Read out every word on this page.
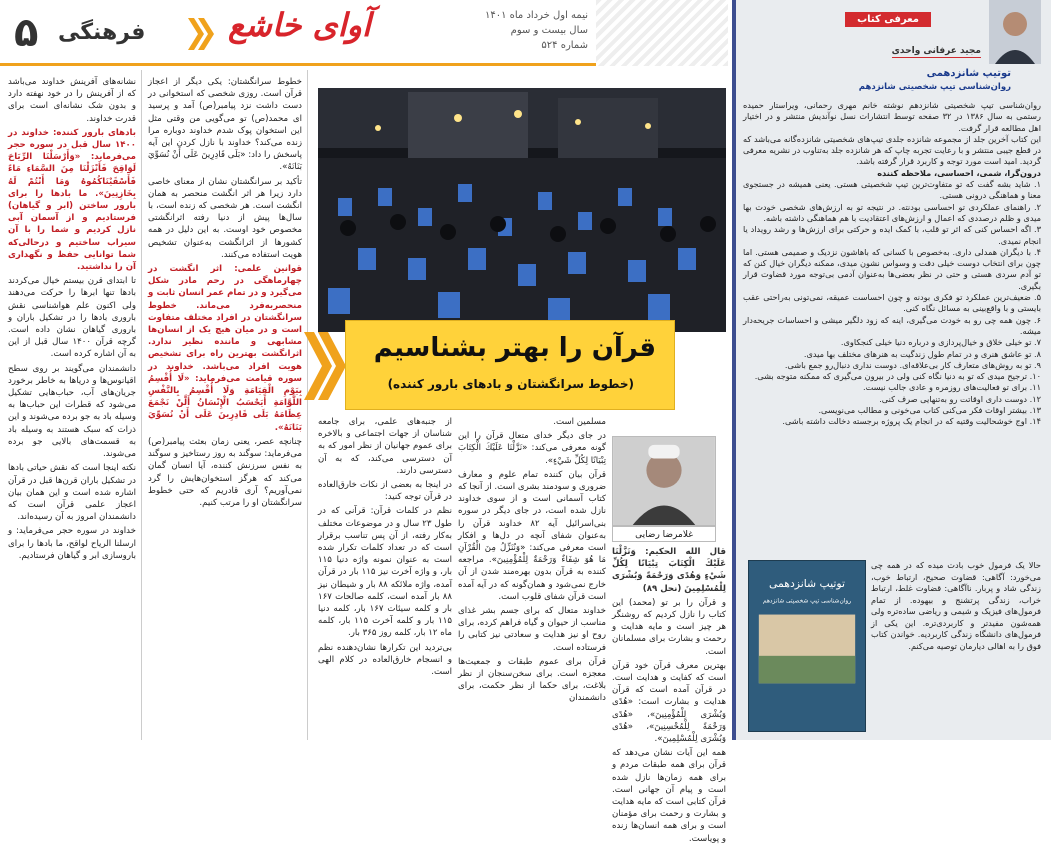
۵ فرهنگی	آوای خاشع	نیمه اول خرداد ماه ۱۴۰۱
سال بیست و سوم
شماره ۵۲۴

نشانه‌های آفرینش خداوند می‌باشد که از آفرینش را در خود نهفته دارد و بدون شک نشانه‌ای است برای قدرت خداوند.

بادهای بارور کننده: خداوند در ۱۴۰۰ سال قبل در سوره حجر می‌فرماید: «وَأَرْسَلْنَا الرِّيَاحَ لَوَاقِحَ فَأَنْزَلْنَا مِنَ السَّمَاءِ مَاءً فَأَسْقَيْنَاكُمُوهُ وَمَا أَنْتُمْ لَهُ بِخَازِنِينَ». ما بادها را برای بارور ساختن (ابر و گیاهان) فرستادیم و از آسمان آبی نازل کردیم و شما را با آن سیراب ساختیم و درحالی‌که شما توانایی حفظ و نگهداری آن را نداشتید.

تا ابتدای قرن بیستم خیال می‌کردند بادها تنها ابرها را حرکت می‌دهند ولی اکنون علم هواشناسی نقش باروری بادها را در تشکیل باران و باروری گیاهان نشان داده است. گرچه قرآن ۱۴۰۰ سال قبل از این به آن اشاره کرده است.

دانشمندان می‌گویند بر روی سطح اقیانوس‌ها و دریاها به خاطر برخورد جریان‌های آب، حباب‌هایی تشکیل می‌شود که قطرات این حباب‌ها به وسیله باد به جو برده می‌شوند و این ذرات که سبک هستند به وسیله باد به قسمت‌های بالایی جو برده می‌شوند.

نکته اینجا است که نقش حیاتی بادها در تشکیل باران قرن‌ها قبل در قرآن اشاره شده است و این همان بیان اعجاز علمی قرآن است که دانشمندان امروز به آن رسیده‌اند.

خداوند در سوره حجر می‌فرماید: و ارسلنا الریاح لواقح، ما بادها را برای باروسازی ابر و گیاهان فرستادیم.

خطوط سرانگشتان: یکی دیگر از اعجاز قرآن است. روزی شخصی که استخوانی در دست داشت نزد پیامبر(ص) آمد و پرسید ای محمد(ص) تو می‌گویی من وقتی مثل این استخوان پوک شدم خداوند دوباره مرا زنده می‌کند؟ خداوند با نازل کردن این آیه پاسخش را داد: «بَلَى قَادِرِينَ عَلَى أَنْ نُسَوِّيَ بَنَانَهُ».

تأکید بر سرانگشتان نشان از معنای خاصی دارد زیرا هر اثر انگشت منحصر به همان انگشت است. هر شخصی که زنده است، با سال‌ها پیش از دنیا رفته اثرانگشتی مخصوص خود اوست. به این دلیل در همه کشورها از اثرانگشت به‌عنوان تشخیص هویت استفاده می‌کنند.

قوانین علمی: اثر انگشت در چهارماهگی در رحم مادر شکل می‌گیرد و در تمام عمر انسان ثابت و منحصربه‌فرد می‌ماند. خطوط سرانگشتان در افراد مختلف متفاوت است و در میان هیچ یک از انسان‌ها مشابهی و ماننده نظیر ندارد. اثرانگشت بهترین راه برای تشخیص هویت افراد می‌باشد. خداوند در سوره قیامت می‌فرماید: «لَا أُقْسِمُ بِيَوْمِ الْقِيَامَةِ وَلَا أُقْسِمُ بِالنَّفْسِ اللَّوَّامَةِ أَيَحْسَبُ الْإِنْسَانُ أَلَّنْ نَجْمَعَ عِظَامَهُ بَلَى قَادِرِينَ عَلَى أَنْ نُسَوِّيَ بَنَانَهُ».

چنانچه عصر، یعنی زمان بعثت پیامبر(ص) می‌فرماید: سوگند به روز رستاخیز و سوگند به نفس سرزنش کننده، آیا انسان گمان می‌کند که هرگز استخوان‌هایش را گرد نمی‌آوریم؟ آری قادریم که حتی خطوط سرانگشتان او را مرتب کنیم.

قرآن را بهتر بشناسیم
(خطوط سرانگشتان و بادهای بارور کننده)

از جنبه‌های علمی، برای جامعه شناسان از جهات اجتماعی و بالاخره برای عموم جهانیان از نظر امور که به آن دسترسی می‌کند، که به آن دسترسی دارند.

در اینجا به بعضی از نکات خارق‌العاده در قرآن توجه کنید:

نظم در کلمات قرآن: قرآنی که در طول ۲۳ سال و در موضوعات مختلف به‌کار رفته، از آن پس تناسب برقرار است که در تعداد کلمات تکرار شده است به عنوان نمونه واژه دنیا ۱۱۵ بار، و واژه آخرت نیز ۱۱۵ بار در قرآن آمده، واژه ملائکه ۸۸ بار و شیطان نیز ۸۸ بار آمده است، کلمه صالحات ۱۶۷ بار و کلمه سیئات ۱۶۷ بار، کلمه دنیا ۱۱۵ بار و کلمه آخرت ۱۱۵ بار، کلمه ماه ۱۲ بار، کلمه روز ۳۶۵ بار.

بی‌تردید این تکرارها نشان‌دهنده نظم و انسجام خارق‌العاده در کلام الهی است.

مسلمین است.

در جای دیگر خدای متعال قرآن را این گونه معرفی می‌کند: «نَزَّلْنَا عَلَيْكَ الْكِتَابَ تِبْيَانًا لِكُلِّ شَيْءٍ».

قرآن بیان کننده تمام علوم و معارف ضروری و سودمند بشری است. از آنجا که کتاب آسمانی است و از سوی خداوند نازل شده است، در جای دیگر در سوره بنی‌اسرائیل آیه ۸۲ خداوند قرآن را به‌عنوان شفای آنچه در دل‌ها و افکار است معرفی می‌کند: «وَنُنَزِّلُ مِنَ الْقُرْآنِ مَا هُوَ شِفَاءٌ وَرَحْمَةٌ لِلْمُؤْمِنِينَ». مراجعه کننده به قرآن بدون بهره‌مند شدن از آن خارج نمی‌شود و همان‌گونه که در آیه آمده است قرآن شفای قلوب است.

خداوند متعال که برای جسم بشر غذای مناسب از حیوان و گیاه فراهم کرده، برای روح او نیز هدایت و سعادتی نیز کتابی را فرستاده است.

قرآن برای عموم طبقات و جمعیت‌ها معجزه است. برای سخن‌سنجان از نظر بلاغت، برای حکما از نظر حکمت، برای دانشمندان

قال الله الحکیم: وَنَزَّلْنَا عَلَيْكَ الْكِتَابَ تِبْيَانًا لِكُلِّ شَيْءٍ وَهُدًى وَرَحْمَةً وَبُشْرَى لِلْمُسْلِمِينَ (نحل ۸۹)

و قرآن را بر تو (محمد) این کتاب را نازل کردیم که روشنگر هر چیز است و مایه هدایت و رحمت و بشارت برای مسلمانان است.

بهترین معرف قرآن خود قرآن است که کفایت و هدایت است. در قرآن آمده است که قرآن هدایت و بشارت است: «هُدًى وَبُشْرَى لِلْمُؤْمِنِينَ»، «هُدًى وَرَحْمَةً لِلْمُحْسِنِينَ»، «هُدًى وَبُشْرَى لِلْمُسْلِمِينَ».

همه این آیات نشان می‌دهد که قرآن برای همه طبقات مردم و برای همه زمان‌ها نازل شده است و پیام آن جهانی است. قرآن کتابی است که مایه هدایت و بشارت و رحمت برای مؤمنان است و برای همه انسان‌ها زنده و پویاست.

غلامرضا رضایی
معرفی کتاب
مجید عرفانی واحدی
توتیپ شانزدهمی
روان‌شناسی تیپ شخصیتی شانزدهم

روان‌شناسی تیپ شخصیتی شانزدهم نوشته خانم مهری رحمانی، ویراستار حمیده رستمی به سال ۱۳۸۶ در ۳۲ صفحه توسط انتشارات نسل نوآندیش منتشر و در اختیار اهل مطالعه قرار گرفت.

این کتاب آخرین جلد از مجموعه شانزده جلدی تیپ‌های شخصیتی شانزده‌گانه می‌باشد که در قطع جیبی منتشر و با رعایت تجربه چاپ که هر شانزده جلد به‌تناوب در نشریه معرفی گردید. امید است مورد توجه و کاربرد قرار گرفته باشد.

درون‌گرا، شمی، احساسی، ملاحظه کننده

۱. شاید بشه گفت که تو متفاوت‌ترین تیپ شخصیتی هستی. یعنی همیشه در جستجوی معنا و هماهنگی درونی هستی.

۲. راهنمای عملکردی تو احساسی بودنته. در نتیجه تو به ارزش‌های شخصی خودت بها میدی و ظلم درصددی که اعمال و ارزش‌های اعتقادیت با هم هماهنگی داشته باشه.

۳. اگه احساس کنی که اثر تو قلب، با کمک ایده و حرکتی برای ارزش‌ها و رشد رویداد یا انجام نمیدی.

۴. با دیگران همدلی داری. به‌خصوص با کسانی که باهاشون نزدیک و صمیمی هستی. اما چون برای انتخاب دوست خیلی دقت و وسواس نشون میدی، ممکنه دیگران خیال کنن که تو آدم سردی هستی و حتی در نظر بعضی‌ها به‌عنوان آدمی بی‌توجه مورد قضاوت قرار بگیری.

۵. ضعیف‌ترین عملکرد تو فکری بودنه و چون احساست عمیقه، نمی‌تونی به‌راحتی عقب بایستی و با واقع‌بینی به مسائل نگاه کنی.

۶. چون همه چی رو به خودت می‌گیری، اینه که زود دلگیر میشی و احساسات جریحه‌دار میشه.

۷. تو خیلی خلاق و خیال‌پردازی و درباره دنیا خیلی کنجکاوی.

۸. تو عاشق هنری و در تمام طول زندگیت به هنرهای مختلف بها میدی.

۹. تو به روش‌های متعارف کار بی‌علاقه‌ای. دوست نداری دنبال‌رو جمع باشی.

۱۰. ترجیح میدی که تو به دنیا نگاه کنی ولی در بیرون می‌گیری که ممکنه متوجه بشی.

۱۱. برای تو فعالیت‌های روزمره و عادی جالب نیست.

۱۲. دوست داری اوقاتت رو به‌تنهایی صرف کنی.

۱۳. بیشتر اوقات فکر می‌کنی کتاب می‌خونی و مطالب می‌نویسی.

۱۴. اوج خوشحالیت وقتیه که در انجام یک پروژه برجسته دخالت داشته باشی.

توتیپ شانزدهمی
روان‌شناسی تیپ شخصیتی شانزدهم
حالا یک فرمول خوب بادت میده که در همه چی می‌خورد: آگاهی: قضاوت صحیح، ارتباط خوب، زندگی شاد و پربار. ناآگاهی: قضاوت غلط، ارتباط خراب، زندگی پرتشنج و بیهوده. از تمام فرمول‌های فیزیک و شیمی و ریاضی ساده‌تره ولی همه‌شون مفیدتر و کاربردی‌تره. این یکی از فرمول‌های دانشگاه زندگی کاربردیه. خواندن کتاب فوق را به اهالی دیارمان توصیه می‌کنم.
